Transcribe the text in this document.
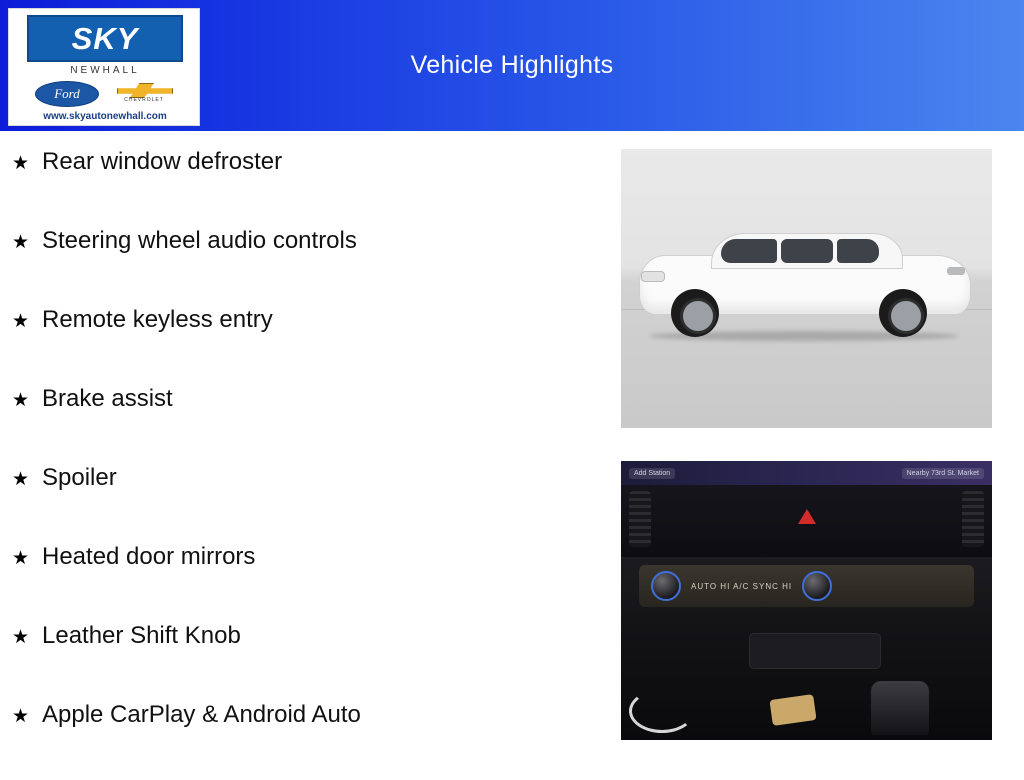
Vehicle Highlights
SKY
NEWHALL
Ford	CHEVROLET
www.skyautonewhall.com
★ Rear window defroster
★ Steering wheel audio controls
★ Remote keyless entry
★ Brake assist
★ Spoiler
★ Heated door mirrors
★ Leather Shift Knob
★ Apple CarPlay & Android Auto
Add Station	Nearby 73rd St. Market
AUTO HI A/C SYNC HI
